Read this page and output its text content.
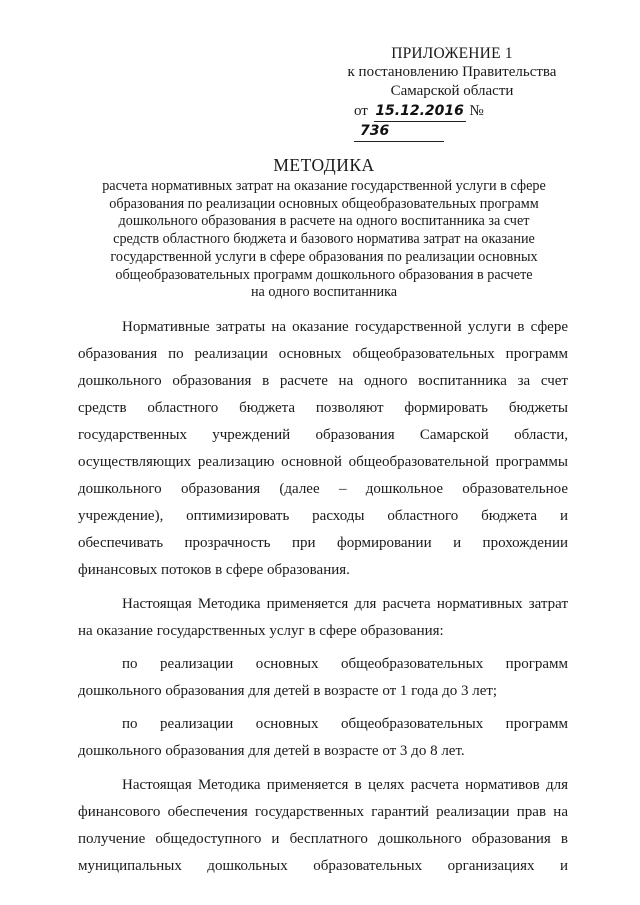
ПРИЛОЖЕНИЕ 1
к постановлению Правительства
Самарской области
от 15.12.2016 № 736
МЕТОДИКА
расчета нормативных затрат на оказание государственной услуги в сфере
образования по реализации основных общеобразовательных программ
дошкольного образования в расчете на одного воспитанника за счет
средств областного бюджета и базового норматива затрат на оказание
государственной услуги в сфере образования по реализации основных
общеобразовательных программ дошкольного образования в расчете
на одного воспитанника

Нормативные затраты на оказание государственной услуги в сфере

образования по реализации основных общеобразовательных программ

дошкольного образования в расчете на одного воспитанника за счет

средств областного бюджета позволяют формировать бюджеты

государственных учреждений образования Самарской области,

осуществляющих реализацию основной общеобразовательной программы

дошкольного образования (далее – дошкольное образовательное

учреждение), оптимизировать расходы областного бюджета и

обеспечивать прозрачность при формировании и прохождении

финансовых потоков в сфере образования.

Настоящая Методика применяется для расчета нормативных затрат

на оказание государственных услуг в сфере образования:

по реализации основных общеобразовательных программ

дошкольного образования для детей в возрасте от 1 года до 3 лет;

по реализации основных общеобразовательных программ

дошкольного образования для детей в возрасте от 3 до 8 лет.

Настоящая Методика применяется в целях расчета нормативов для

финансового обеспечения государственных гарантий реализации прав на

получение общедоступного и бесплатного дошкольного образования в

муниципальных дошкольных образовательных организациях и
